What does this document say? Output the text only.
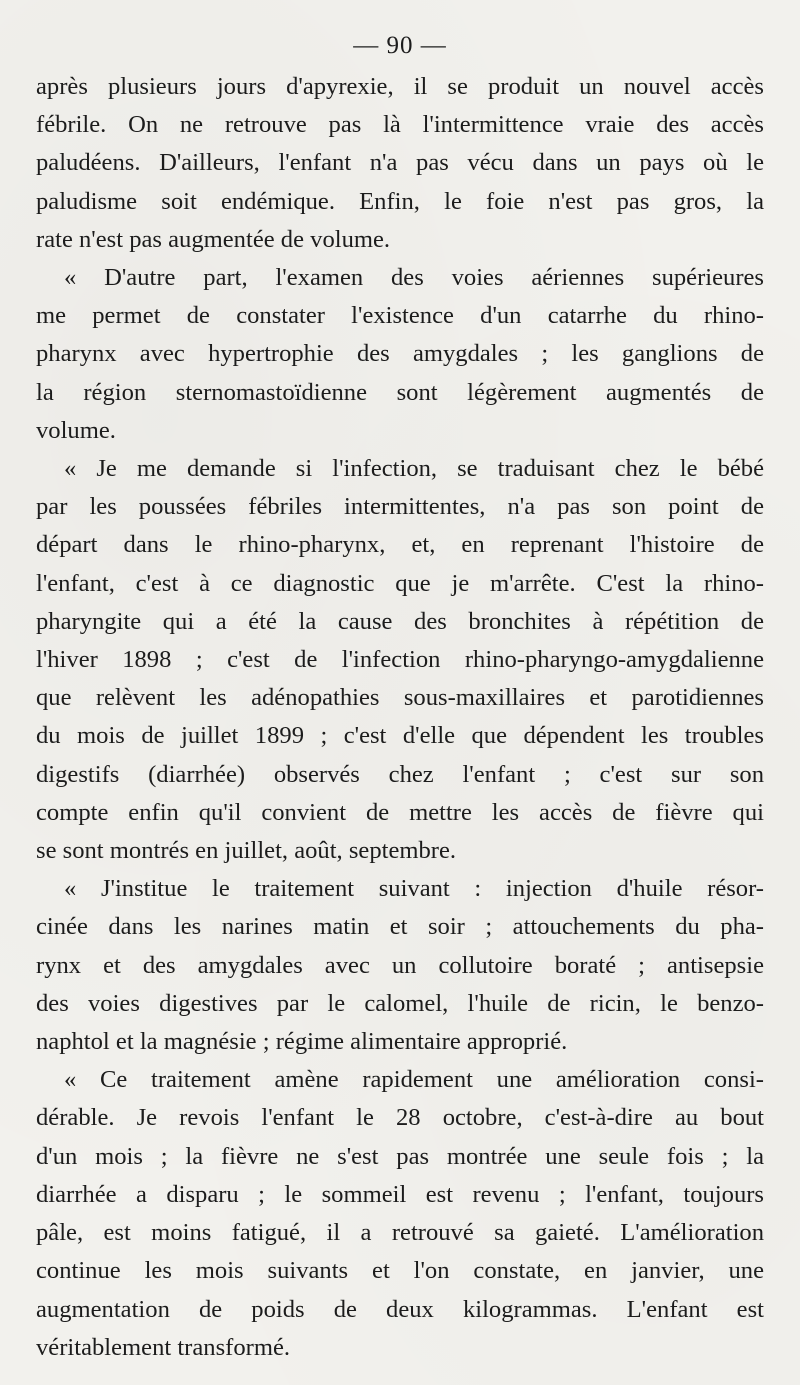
— 90 —

après plusieurs jours d'apyrexie, il se produit un nouvel accès
fébrile. On ne retrouve pas là l'intermittence vraie des accès
paludéens. D'ailleurs, l'enfant n'a pas vécu dans un pays où le
paludisme soit endémique. Enfin, le foie n'est pas gros, la
rate n'est pas augmentée de volume.

« D'autre part, l'examen des voies aériennes supérieures
me permet de constater l'existence d'un catarrhe du rhino-
pharynx avec hypertrophie des amygdales ; les ganglions de
la région sternomastoïdienne sont légèrement augmentés de
volume.

« Je me demande si l'infection, se traduisant chez le bébé
par les poussées fébriles intermittentes, n'a pas son point de
départ dans le rhino-pharynx, et, en reprenant l'histoire de
l'enfant, c'est à ce diagnostic que je m'arrête. C'est la rhino-
pharyngite qui a été la cause des bronchites à répétition de
l'hiver 1898 ; c'est de l'infection rhino-pharyngo-amygdalienne
que relèvent les adénopathies sous-maxillaires et parotidiennes
du mois de juillet 1899 ; c'est d'elle que dépendent les troubles
digestifs (diarrhée) observés chez l'enfant ; c'est sur son
compte enfin qu'il convient de mettre les accès de fièvre qui
se sont montrés en juillet, août, septembre.

« J'institue le traitement suivant : injection d'huile résor-
cinée dans les narines matin et soir ; attouchements du pha-
rynx et des amygdales avec un collutoire boraté ; antisepsie
des voies digestives par le calomel, l'huile de ricin, le benzo-
naphtol et la magnésie ; régime alimentaire approprié.

« Ce traitement amène rapidement une amélioration consi-
dérable. Je revois l'enfant le 28 octobre, c'est-à-dire au bout
d'un mois ; la fièvre ne s'est pas montrée une seule fois ; la
diarrhée a disparu ; le sommeil est revenu ; l'enfant, toujours
pâle, est moins fatigué, il a retrouvé sa gaieté. L'amélioration
continue les mois suivants et l'on constate, en janvier, une
augmentation de poids de deux kilogrammas. L'enfant est
véritablement transformé.
